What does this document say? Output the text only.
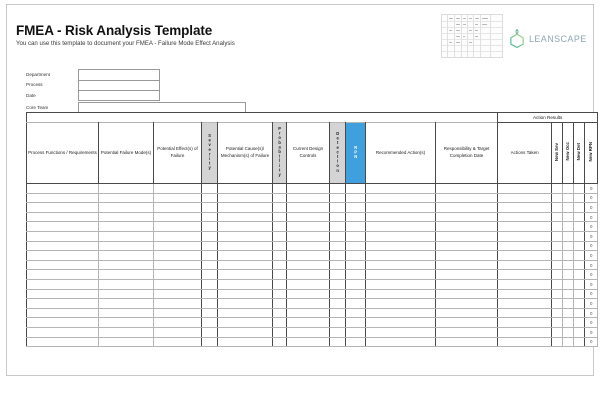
FMEA - Risk Analysis Template
You can use this template to document your FMEA - Failure Mode Effect Analysis	LEANSCAPE
Department
Process
Date
Core Team
											Action Results				
Process Functions / Requirements	Potential Failure Mode(s)	Potential Effect(s) of Failure	Severity	Potential Cause(s)/ Mechanism(s) of Failure	Probability	Current Design Controls	Detection	RPN	Recommended Action(s)	Responsibility & Target Completion Date	Actions Taken	New Sev	New Occ	New Det	New RPN
								0							0
								0							0
								0							0
								0							0
								0							0
								0							0
								0							0
								0							0
								0							0
								0							0
								0							0
								0							0
								0							0
								0							0
								0							0
								0							0
								0							0
